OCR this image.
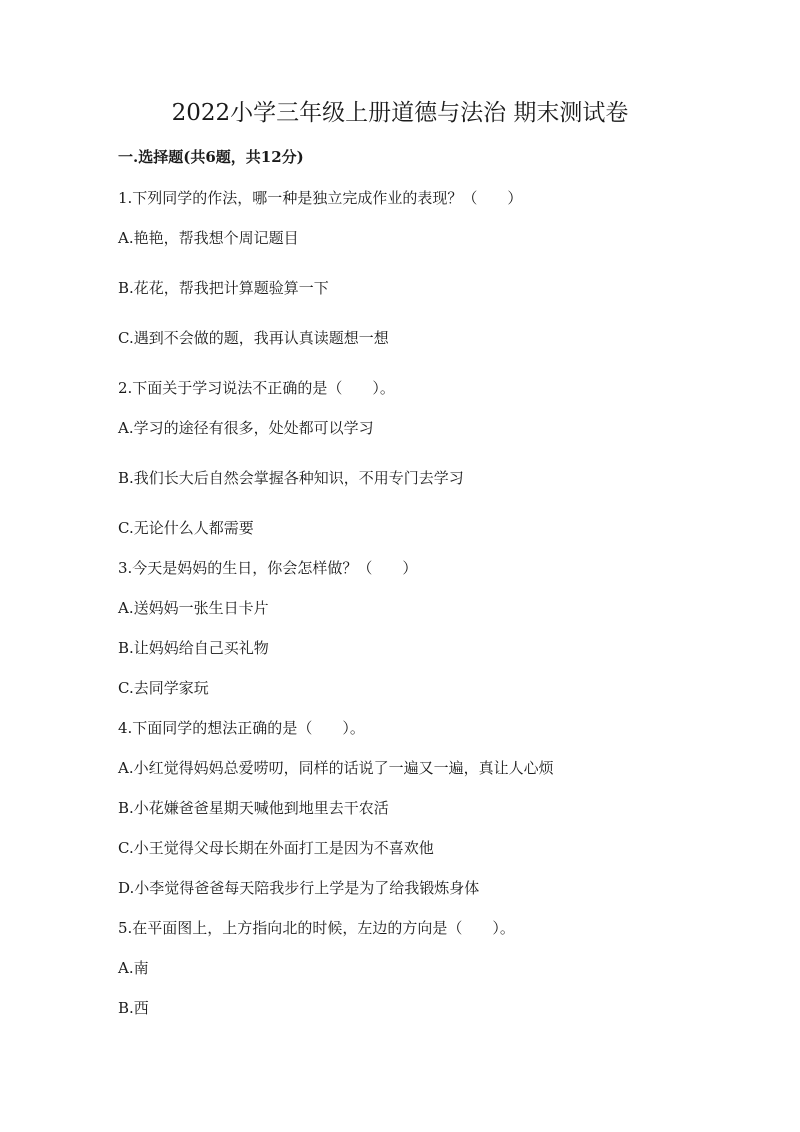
2022小学三年级上册道德与法治 期末测试卷
一.选择题(共6题，共12分)
1.下列同学的作法，哪一种是独立完成作业的表现？（　　）
A.艳艳，帮我想个周记题目
B.花花，帮我把计算题验算一下
C.遇到不会做的题，我再认真读题想一想
2.下面关于学习说法不正确的是（　　）。
A.学习的途径有很多，处处都可以学习
B.我们长大后自然会掌握各种知识，不用专门去学习
C.无论什么人都需要
3.今天是妈妈的生日，你会怎样做？（　　）
A.送妈妈一张生日卡片
B.让妈妈给自己买礼物
C.去同学家玩
4.下面同学的想法正确的是（　　）。
A.小红觉得妈妈总爱唠叨，同样的话说了一遍又一遍，真让人心烦
B.小花嫌爸爸星期天喊他到地里去干农活
C.小王觉得父母长期在外面打工是因为不喜欢他
D.小李觉得爸爸每天陪我步行上学是为了给我锻炼身体
5.在平面图上，上方指向北的时候，左边的方向是（　　）。
A.南
B.西
